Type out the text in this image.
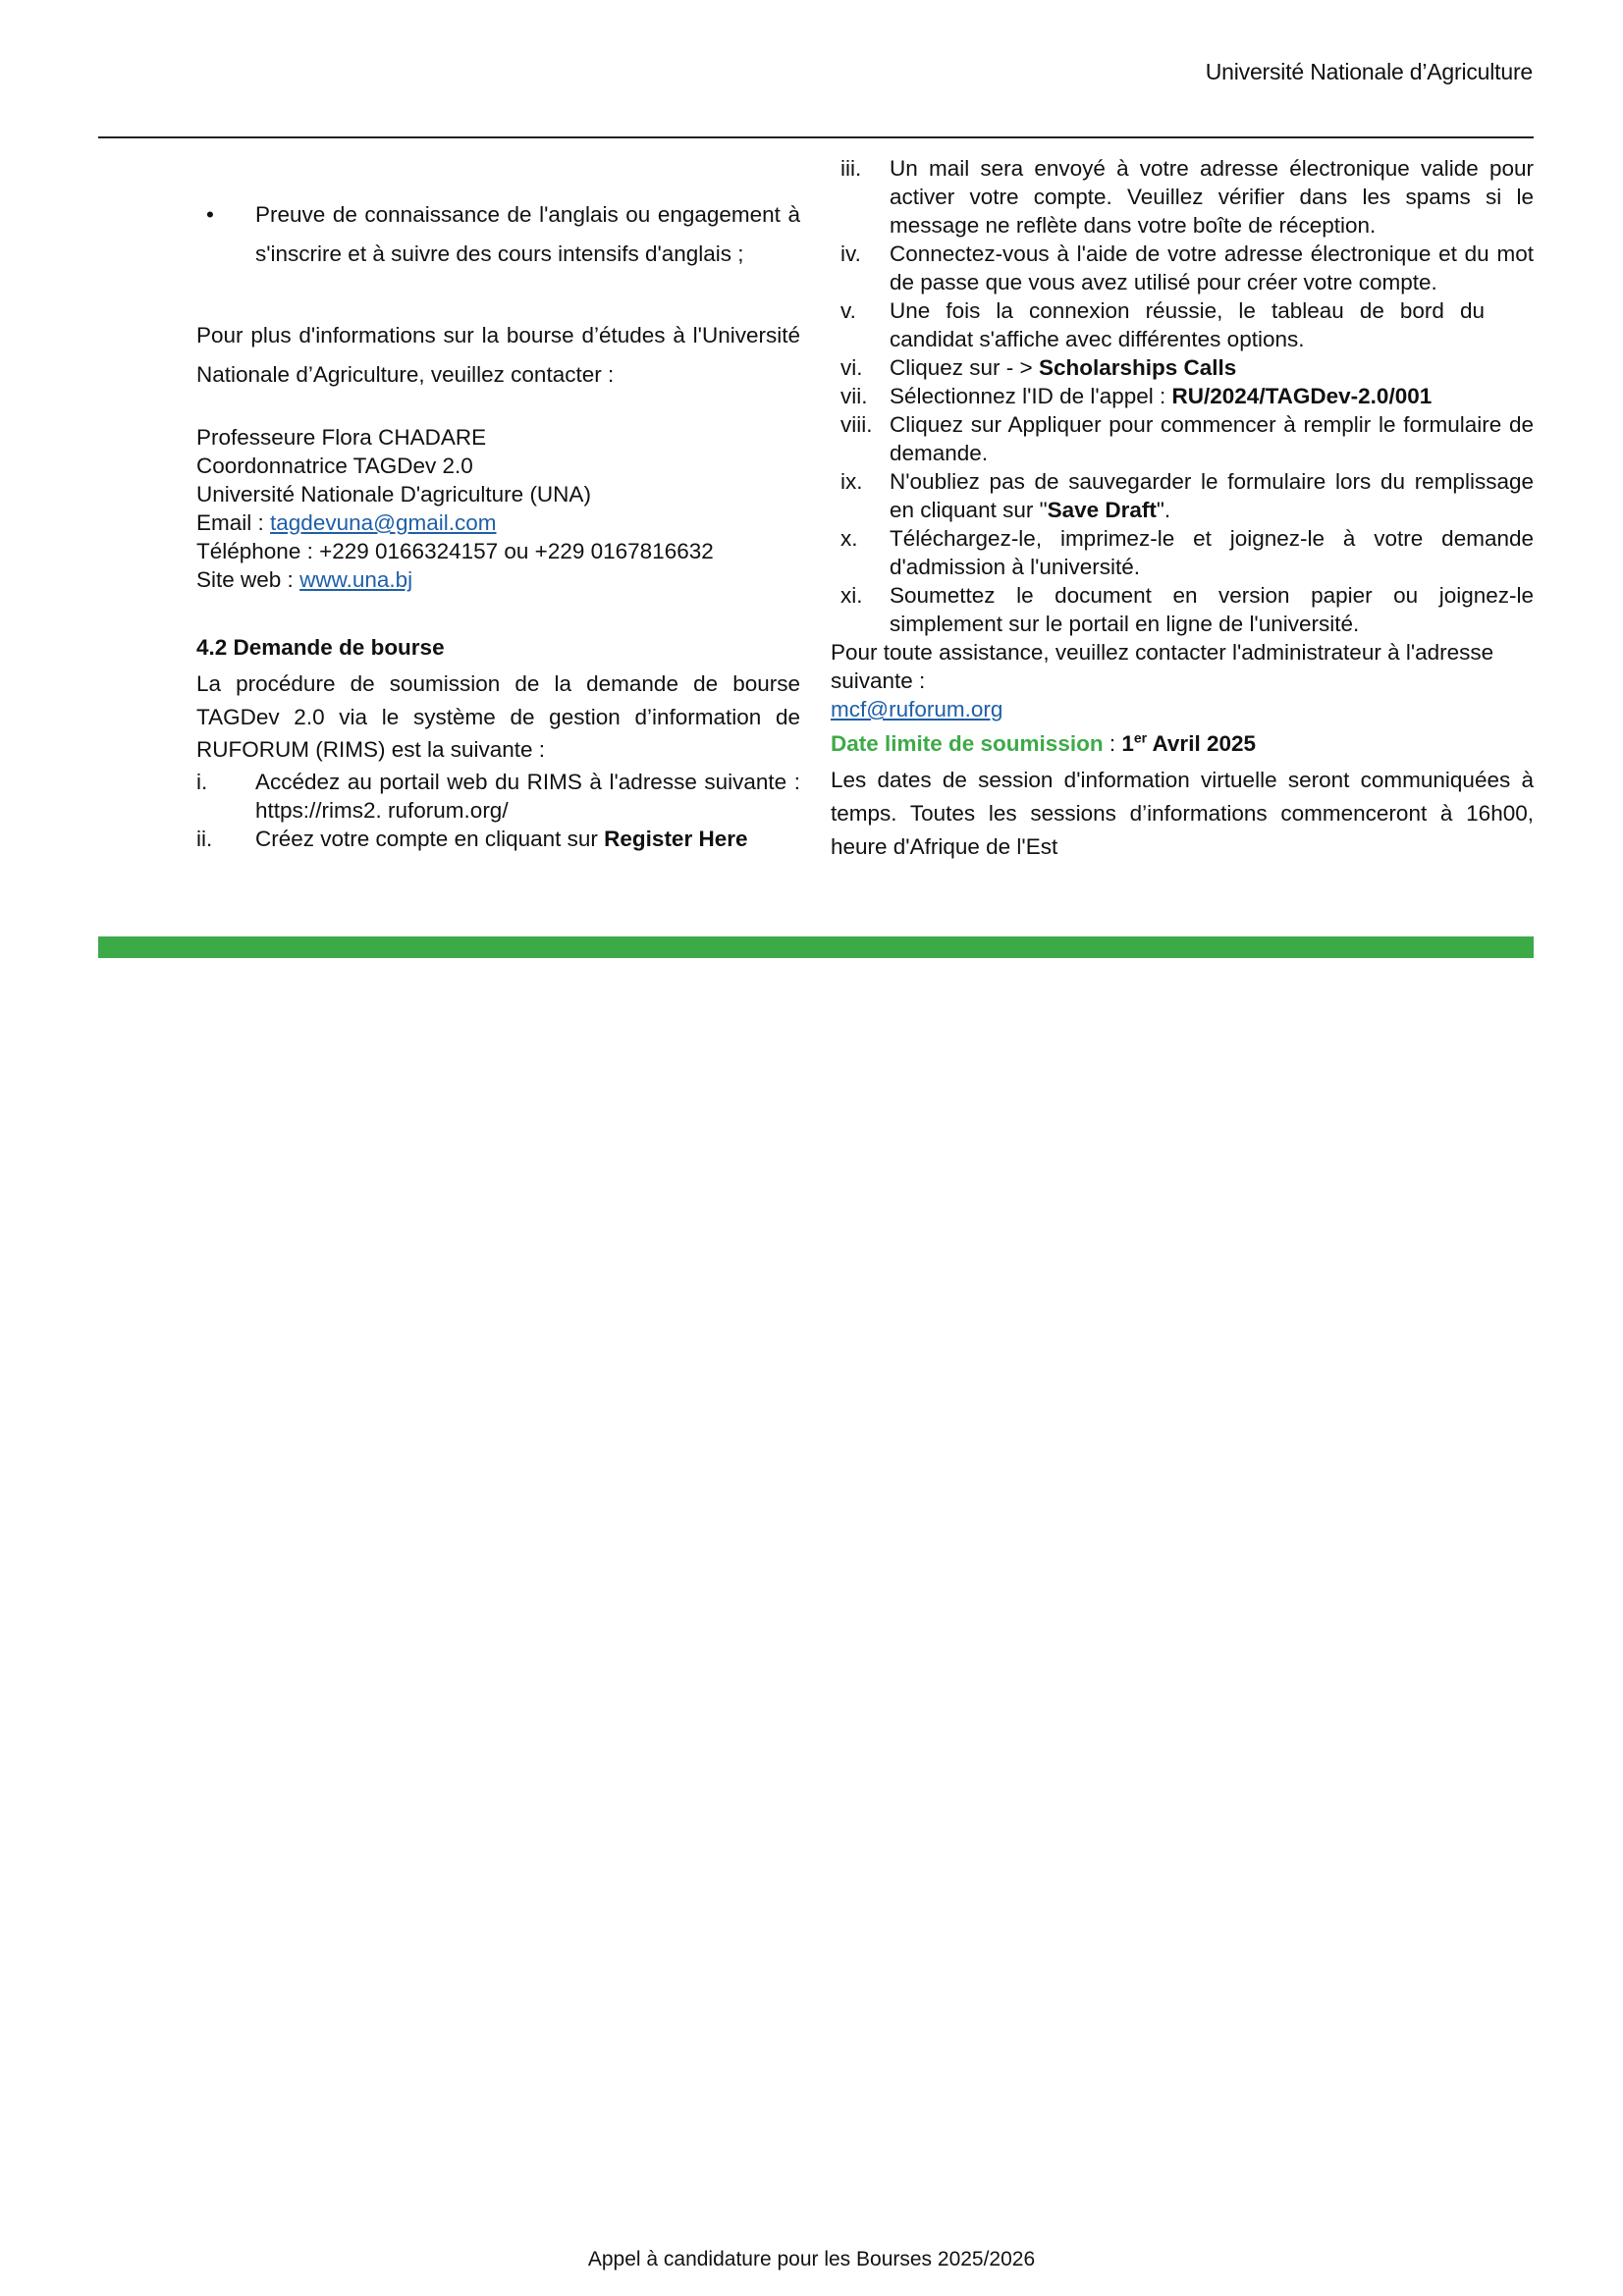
Université Nationale d’Agriculture
• Preuve de connaissance de l'anglais ou engagement à s'inscrire et à suivre des cours intensifs d'anglais ;
Pour plus d'informations sur la bourse d’études à l'Université Nationale d’Agriculture, veuillez contacter :
Professeure Flora CHADARE
Coordonnatrice TAGDev 2.0
Université Nationale D'agriculture (UNA)
Email : tagdevuna@gmail.com
Téléphone : +229 0166324157 ou +229 0167816632
Site web : www.una.bj
4.2 Demande de bourse
La procédure de soumission de la demande de bourse TAGDev 2.0 via le système de gestion d’information de RUFORUM (RIMS) est la suivante :
i. Accédez au portail web du RIMS à l'adresse suivante : https://rims2. ruforum.org/
ii. Créez votre compte en cliquant sur Register Here
iii. Un mail sera envoyé à votre adresse électronique valide pour activer votre compte. Veuillez vérifier dans les spams si le message ne reflète dans votre boîte de réception.
iv. Connectez-vous à l'aide de votre adresse électronique et du mot de passe que vous avez utilisé pour créer votre compte.
v. Une fois la connexion réussie, le tableau de bord du candidat s'affiche avec différentes options.
vi. Cliquez sur - > Scholarships Calls
vii. Sélectionnez l'ID de l'appel : RU/2024/TAGDev-2.0/001
viii. Cliquez sur Appliquer pour commencer à remplir le formulaire de demande.
ix. N'oubliez pas de sauvegarder le formulaire lors du remplissage en cliquant sur "Save Draft".
x. Téléchargez-le, imprimez-le et joignez-le à votre demande d'admission à l'université.
xi. Soumettez le document en version papier ou joignez-le simplement sur le portail en ligne de l'université.
Pour toute assistance, veuillez contacter l'administrateur à l'adresse suivante :
mcf@ruforum.org
Date limite de soumission : 1er Avril 2025
Les dates de session d'information virtuelle seront communiquées à temps. Toutes les sessions d’informations commenceront à 16h00, heure d'Afrique de l'Est
Appel à candidature pour les Bourses 2025/2026
